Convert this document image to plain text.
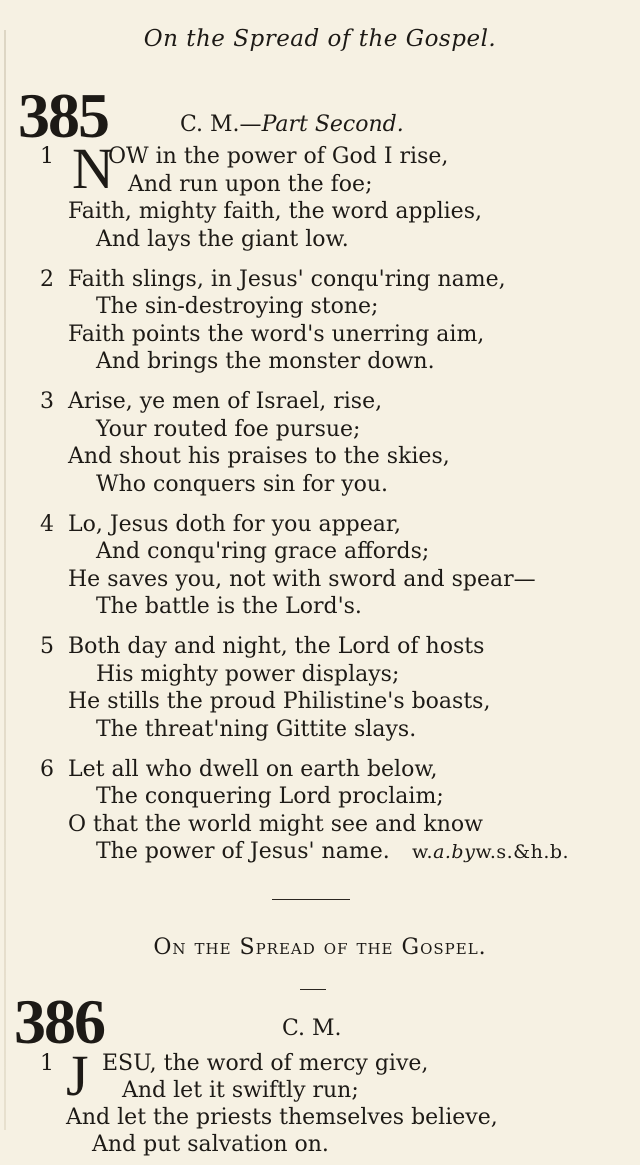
On the Spread of the Gospel.
385	C. M.—Part Second.
1 OW in the power of God I rise,
And run upon the foe;
Faith, mighty faith, the word applies,
And lays the giant low.
N
2 Faith slings, in Jesus' conqu'ring name,
The sin-destroying stone;
Faith points the word's unerring aim,
And brings the monster down.
3 Arise, ye men of Israel, rise,
Your routed foe pursue;
And shout his praises to the skies,
Who conquers sin for you.
4 Lo, Jesus doth for you appear,
And conqu'ring grace affords;
He saves you, not with sword and spear—
The battle is the Lord's.
5 Both day and night, the Lord of hosts
His mighty power displays;
He stills the proud Philistine's boasts,
The threat'ning Gittite slays.
6 Let all who dwell on earth below,
The conquering Lord proclaim;
O that the world might see and know
The power of Jesus' name. w.a.byw.s.&h.b.
On the Spread of the Gospel.
386	C. M.
1 ESU, the word of mercy give,
And let it swiftly run;
And let the priests themselves believe,
And put salvation on.
J
